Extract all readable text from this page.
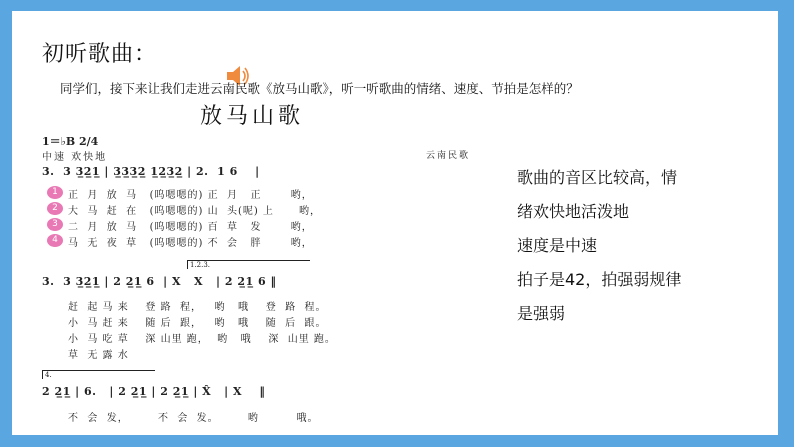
初听歌曲：
同学们，接下来让我们走进云南民歌《放马山歌》，听一听歌曲的情绪、速度、节拍是怎样的？
放马山歌
1＝♭B 2/4
中速 欢快地	云南民歌
3.  3 3̲2̲1̲ | 3̲3̲3̲2̲ 1̲2̲3̲2̲ | 2.  1 6    |
1	正  月  放  马   (呜嗯嗯的) 正  月   正       哟，
2	大  马  赶  在   (呜嗯嗯的) 山  头(呢) 上      哟，
3	二  月  放  马   (呜嗯嗯的) 百  草   发       哟，
4	马  无  夜  草   (呜嗯嗯的) 不  会   胖       哟，
1.2.3.
3.  3 3̲2̲1̲ | 2 2̲1̲ 6  | X   X   | 2 2̲1̲ 6 ‖
赶  起 马 来    登 路  程，   哟   哦    登  路  程。
小  马 赶 来    随 后  跟，   哟   哦    随  后  跟。
小  马 吃 草    深 山里 跑，  哟   哦    深  山里 跑。
草  无 露 水
4.
2 2̲1̲ | 6.   | 2 2̲1̲ | 2 2̲1̲ | X̂   | X    ‖
不  会  发，       不  会  发。       哟         哦。
歌曲的音区比较高，情
绪欢快地活泼地
速度是中速
拍子是42，拍强弱规律
是强弱
